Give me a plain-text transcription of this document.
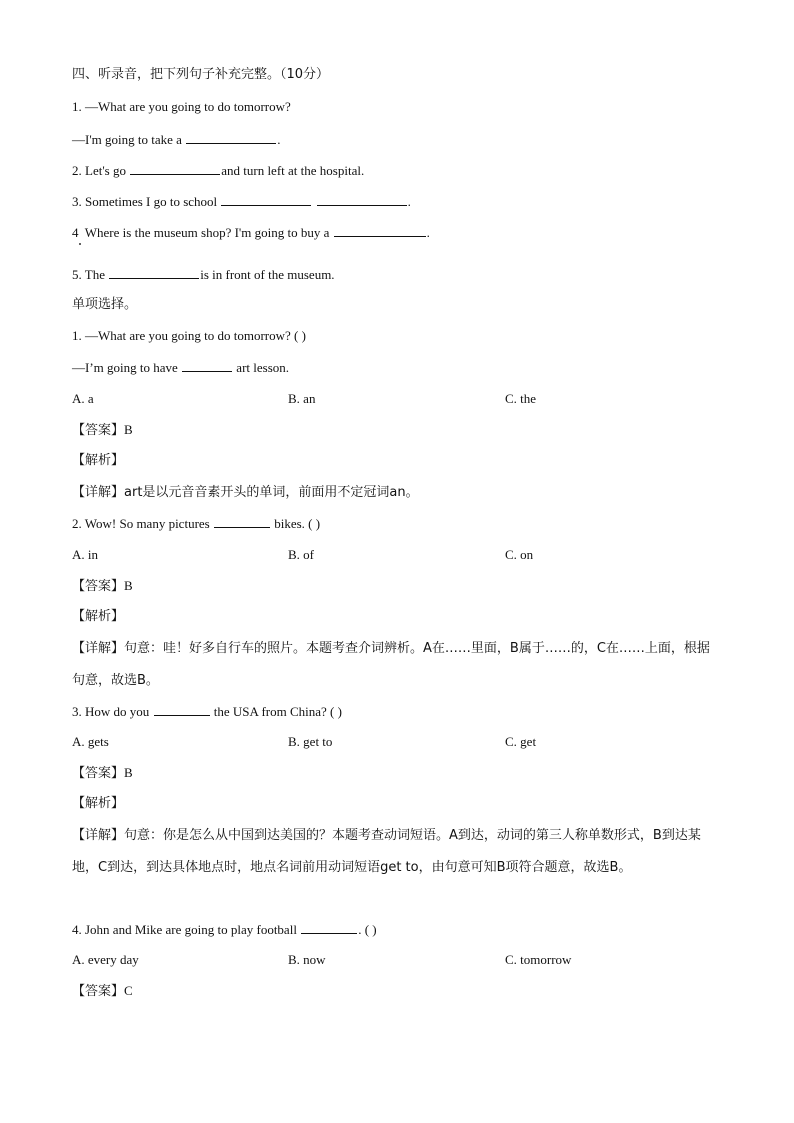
四、听录音，把下列句子补充完整。（10分）
1. —What are you going to do tomorrow?
—I'm going to take a	.
2. Let's go	and turn left at the hospital.
3. Sometimes I go to school	.
4 Where is the museum shop? I'm going to buy a	.
5. The	is in front of the museum.
单项选择。
1. —What are you going to do tomorrow? ( )
—I’m going to have	art lesson.
A. a	B. an	C. the
【答案】B
【解析】
【详解】art是以元音音素开头的单词，前面用不定冠词an。
2. Wow! So many pictures	bikes. ( )
A. in	B. of	C. on
【答案】B
【解析】
【详解】句意：哇！好多自行车的照片。本题考查介词辨析。A在……里面，B属于……的，C在……上面，根据句意，故选B。
3. How do you	the USA from China? ( )
A. gets	B. get to	C. get
【答案】B
【解析】
【详解】句意：你是怎么从中国到达美国的？本题考查动词短语。A到达，动词的第三人称单数形式，B到达某地，C到达，到达具体地点时，地点名词前用动词短语get to，由句意可知B项符合题意，故选B。
4. John and Mike are going to play football	. ( )
A. every day	B. now	C. tomorrow
【答案】C
